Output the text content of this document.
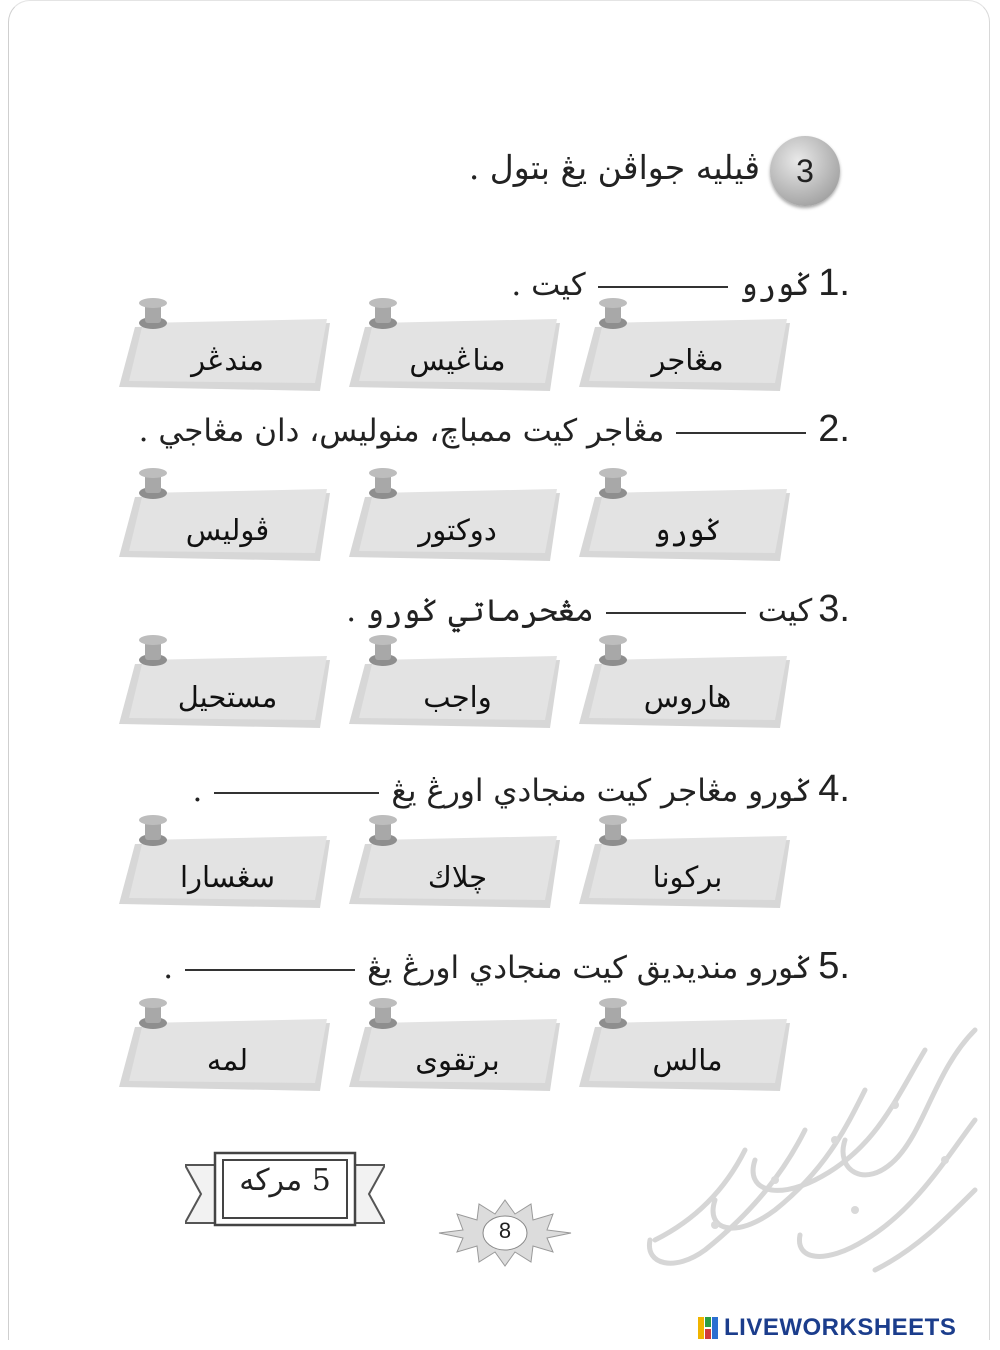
3
ڤيليه جواڤن يڠ بتول .
1.
ݢورو
كيت .
مڠاجر
مناڠيس
مندڠر
2.
مڠاجر كيت ممباچ، منوليس، دان مڠاجي .
ݢورو
دوكتور
ڤوليس
3.
كيت
مڠحرماتي ݢورو .
هاروس
واجب
مستحيل
4.
ݢورو مڠاجر كيت منجادي اورڠ يڠ
.
بركونا
چلاك
سڠسارا
5.
ݢورو منديديق كيت منجادي اورڠ يڠ
.
مالس
برتقوى
لمه
5 مركه
8
LIVEWORKSHEETS
